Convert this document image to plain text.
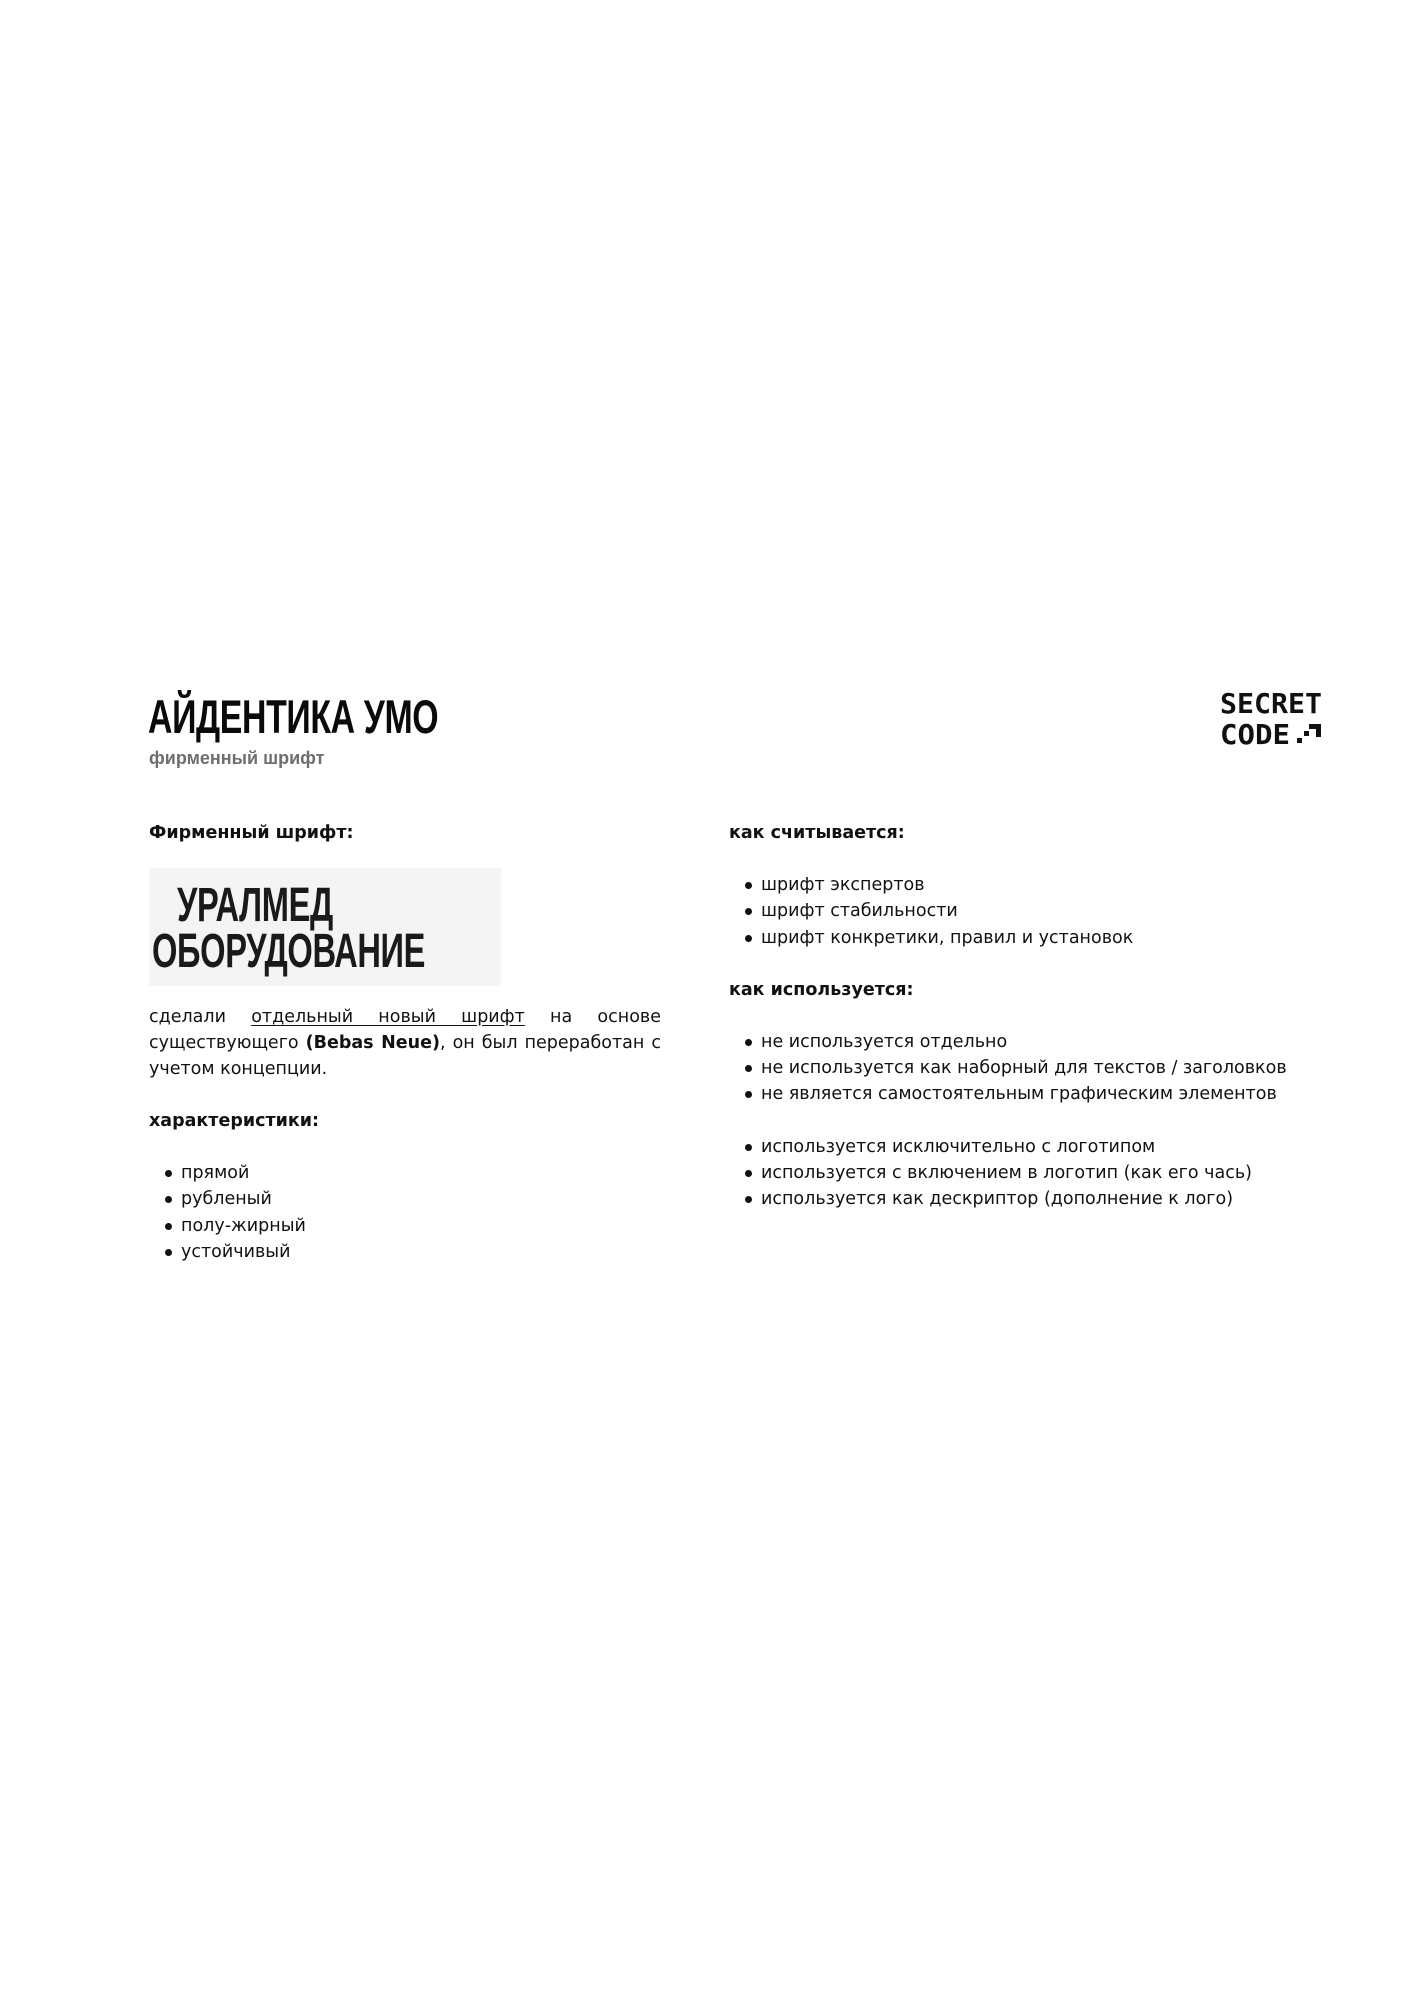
АЙДЕНТИКА УМО
фирменный шрифт
SECRET
CODE

Фирменный шрифт:

УРАЛМЕД
ОБОРУДОВАНИЕ

сделали отдельный новый шрифт на основе существующего (Bebas Neue), он был переработан с учетом концепции.

характеристики:

прямой
рубленый
полу-жирный
устойчивый

как считывается:

шрифт экспертов
шрифт стабильности
шрифт конкретики, правил и установок

как используется:

не используется отдельно
не используется как наборный для текстов / заголовков
не является самостоятельным графическим элементов
используется исключительно с логотипом
используется с включением в логотип (как его чась)
используется как дескриптор (дополнение к лого)
